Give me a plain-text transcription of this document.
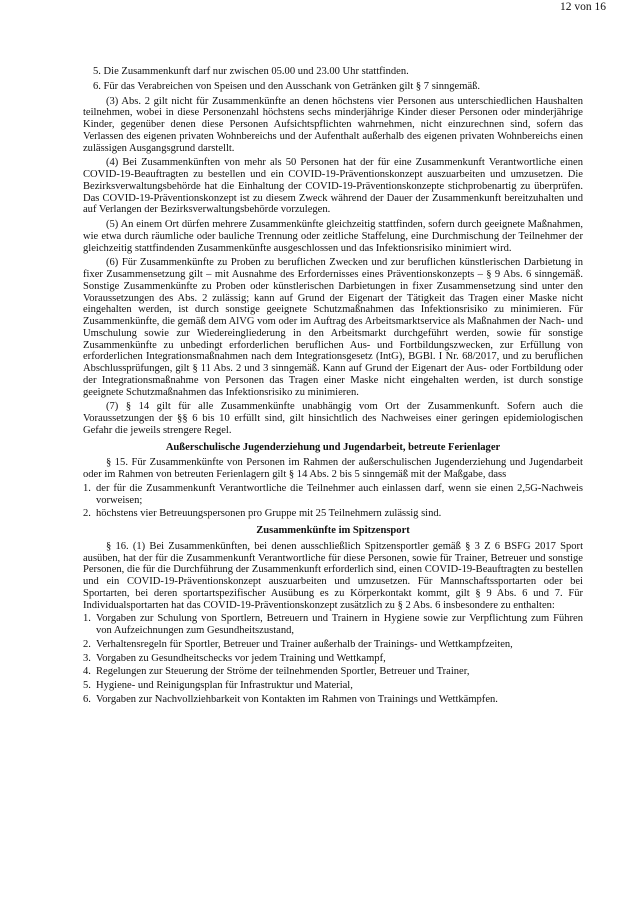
12 von 16
5. Die Zusammenkunft darf nur zwischen 05.00 und 23.00 Uhr stattfinden.
6. Für das Verabreichen von Speisen und den Ausschank von Getränken gilt § 7 sinngemäß.

(3) Abs. 2 gilt nicht für Zusammenkünfte an denen höchstens vier Personen aus unterschiedlichen Haushalten teilnehmen, wobei in diese Personenzahl höchstens sechs minderjährige Kinder dieser Personen oder minderjährige Kinder, gegenüber denen diese Personen Aufsichtspflichten wahrnehmen, nicht einzurechnen sind, sofern das Verlassen des eigenen privaten Wohnbereichs und der Aufenthalt außerhalb des eigenen privaten Wohnbereichs einen zulässigen Ausgangsgrund darstellt.

(4) Bei Zusammenkünften von mehr als 50 Personen hat der für eine Zusammenkunft Verantwortliche einen COVID-19-Beauftragten zu bestellen und ein COVID-19-Präventionskonzept auszuarbeiten und umzusetzen. Die Bezirksverwaltungsbehörde hat die Einhaltung der COVID-19-Präventionskonzepte stichprobenartig zu überprüfen. Das COVID-19-Präventionskonzept ist zu diesem Zweck während der Dauer der Zusammenkunft bereitzuhalten und auf Verlangen der Bezirksverwaltungsbehörde vorzulegen.

(5) An einem Ort dürfen mehrere Zusammenkünfte gleichzeitig stattfinden, sofern durch geeignete Maßnahmen, wie etwa durch räumliche oder bauliche Trennung oder zeitliche Staffelung, eine Durchmischung der Teilnehmer der gleichzeitig stattfindenden Zusammenkünfte ausgeschlossen und das Infektionsrisiko minimiert wird.

(6) Für Zusammenkünfte zu Proben zu beruflichen Zwecken und zur beruflichen künstlerischen Darbietung in fixer Zusammensetzung gilt – mit Ausnahme des Erfordernisses eines Präventionskonzepts – § 9 Abs. 6 sinngemäß. Sonstige Zusammenkünfte zu Proben oder künstlerischen Darbietungen in fixer Zusammensetzung sind unter den Voraussetzungen des Abs. 2 zulässig; kann auf Grund der Eigenart der Tätigkeit das Tragen einer Maske nicht eingehalten werden, ist durch sonstige geeignete Schutzmaßnahmen das Infektionsrisiko zu minimieren. Für Zusammenkünfte, die gemäß dem AlVG vom oder im Auftrag des Arbeitsmarktservice als Maßnahmen der Nach- und Umschulung sowie zur Wiedereingliederung in den Arbeitsmarkt durchgeführt werden, sowie für sonstige Zusammenkünfte zu unbedingt erforderlichen beruflichen Aus- und Fortbildungszwecken, zur Erfüllung von erforderlichen Integrationsmaßnahmen nach dem Integrationsgesetz (IntG), BGBl. I Nr. 68/2017, und zu beruflichen Abschlussprüfungen, gilt § 11 Abs. 2 und 3 sinngemäß. Kann auf Grund der Eigenart der Aus- oder Fortbildung oder der Integrationsmaßnahme von Personen das Tragen einer Maske nicht eingehalten werden, ist durch sonstige geeignete Schutzmaßnahmen das Infektionsrisiko zu minimieren.

(7) § 14 gilt für alle Zusammenkünfte unabhängig vom Ort der Zusammenkunft. Sofern auch die Voraussetzungen der §§ 6 bis 10 erfüllt sind, gilt hinsichtlich des Nachweises einer geringen epidemiologischen Gefahr die jeweils strengere Regel.

Außerschulische Jugenderziehung und Jugendarbeit, betreute Ferienlager

§ 15. Für Zusammenkünfte von Personen im Rahmen der außerschulischen Jugenderziehung und Jugendarbeit oder im Rahmen von betreuten Ferienlagern gilt § 14 Abs. 2 bis 5 sinngemäß mit der Maßgabe, dass

1. der für die Zusammenkunft Verantwortliche die Teilnehmer auch einlassen darf, wenn sie einen 2,5G-Nachweis vorweisen;
2. höchstens vier Betreuungspersonen pro Gruppe mit 25 Teilnehmern zulässig sind.
Zusammenkünfte im Spitzensport

§ 16. (1) Bei Zusammenkünften, bei denen ausschließlich Spitzensportler gemäß § 3 Z 6 BSFG 2017 Sport ausüben, hat der für die Zusammenkunft Verantwortliche für diese Personen, sowie für Trainer, Betreuer und sonstige Personen, die für die Durchführung der Zusammenkunft erforderlich sind, einen COVID-19-Beauftragten zu bestellen und ein COVID-19-Präventionskonzept auszuarbeiten und umzusetzen. Für Mannschaftssportarten oder bei Sportarten, bei deren sportartspezifischer Ausübung es zu Körperkontakt kommt, gilt § 9 Abs. 6 und 7. Für Individualsportarten hat das COVID-19-Präventionskonzept zusätzlich zu § 2 Abs. 6 insbesondere zu enthalten:

1. Vorgaben zur Schulung von Sportlern, Betreuern und Trainern in Hygiene sowie zur Verpflichtung zum Führen von Aufzeichnungen zum Gesundheitszustand,
2. Verhaltensregeln für Sportler, Betreuer und Trainer außerhalb der Trainings- und Wettkampfzeiten,
3. Vorgaben zu Gesundheitschecks vor jedem Training und Wettkampf,
4. Regelungen zur Steuerung der Ströme der teilnehmenden Sportler, Betreuer und Trainer,
5. Hygiene- und Reinigungsplan für Infrastruktur und Material,
6. Vorgaben zur Nachvollziehbarkeit von Kontakten im Rahmen von Trainings und Wettkämpfen.
